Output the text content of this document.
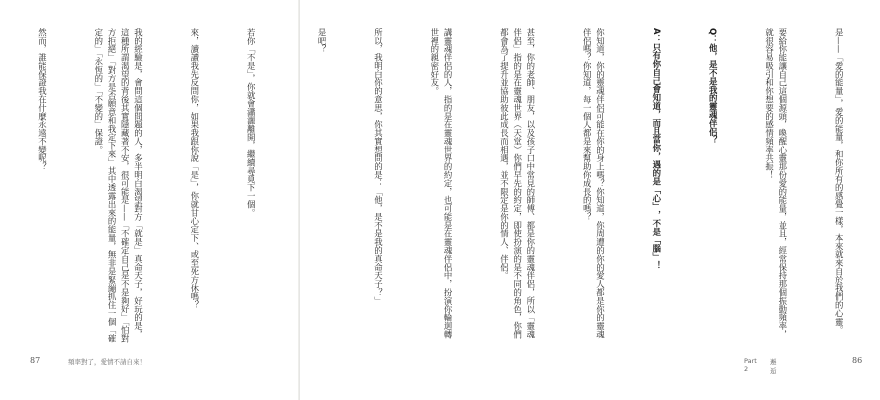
若你「不是」，你就會瀟灑離開，繼續尋覓下一個。

來，讀讀我先反問你，如果我跟你說「是」，你就甘心定下、或至死方休嗎？

我的經驗是，會問這個問題的人，多半明白渴望對方「就是」真命天子，好玩的是，這種所謂渴望的背後其實隱藏著不安，很可能是——「不確定自己是不是夠好」「怕對方拒絕」「對方是否願意和我定下來」其中透露出來的能量，無非是緊繃抓住一個「確定的」「永恆的」「不變的」保證。

然而，誰能保證我在什麼永遠不變呢？

87	頻率對了，愛情不請自來！

是——「愛的能量」，愛的能量，和你所有的感覺一樣，本來就來自於我們的心靈。

要給你能讓自己這個源頭，喚醒心靈那份愛的能量，並且，經常保持那個振動頻率，就很容易吸引和你想要的感情頻率共振！

Q：他，是不是我的靈魂伴侶？

A：只有你自己會知道，而且當你，遇的是「心」，不是「腦」！

你知道，你的靈魂伴侶可能在你的身上嗎？你知道，你周遭的你的愛人都是你的靈魂伴侶嗎？你知道，每一個人都是來幫助你成長的嗎？

甚至，你的老師、朋友，以及孩子口中常見的師傅、都是你的靈魂伴侶，所以「靈魂伴侶」指的是在靈魂世界（天堂）你們早先的約定，即使扮演的是不同的角色，你們都會為了提升並協助彼此成長而相遇，並不限定是你的情人、伴侶。

講靈魂伴侶的人，指的是在靈魂世界的約定，也可能是在靈魂伴侶中，扮演你輪迴轉世裡的親密好友。

所以，我明白你的意思，你其實想問的是：「他，是不是我的真命天子？」

是吧？

Part 2
邂逅
86
